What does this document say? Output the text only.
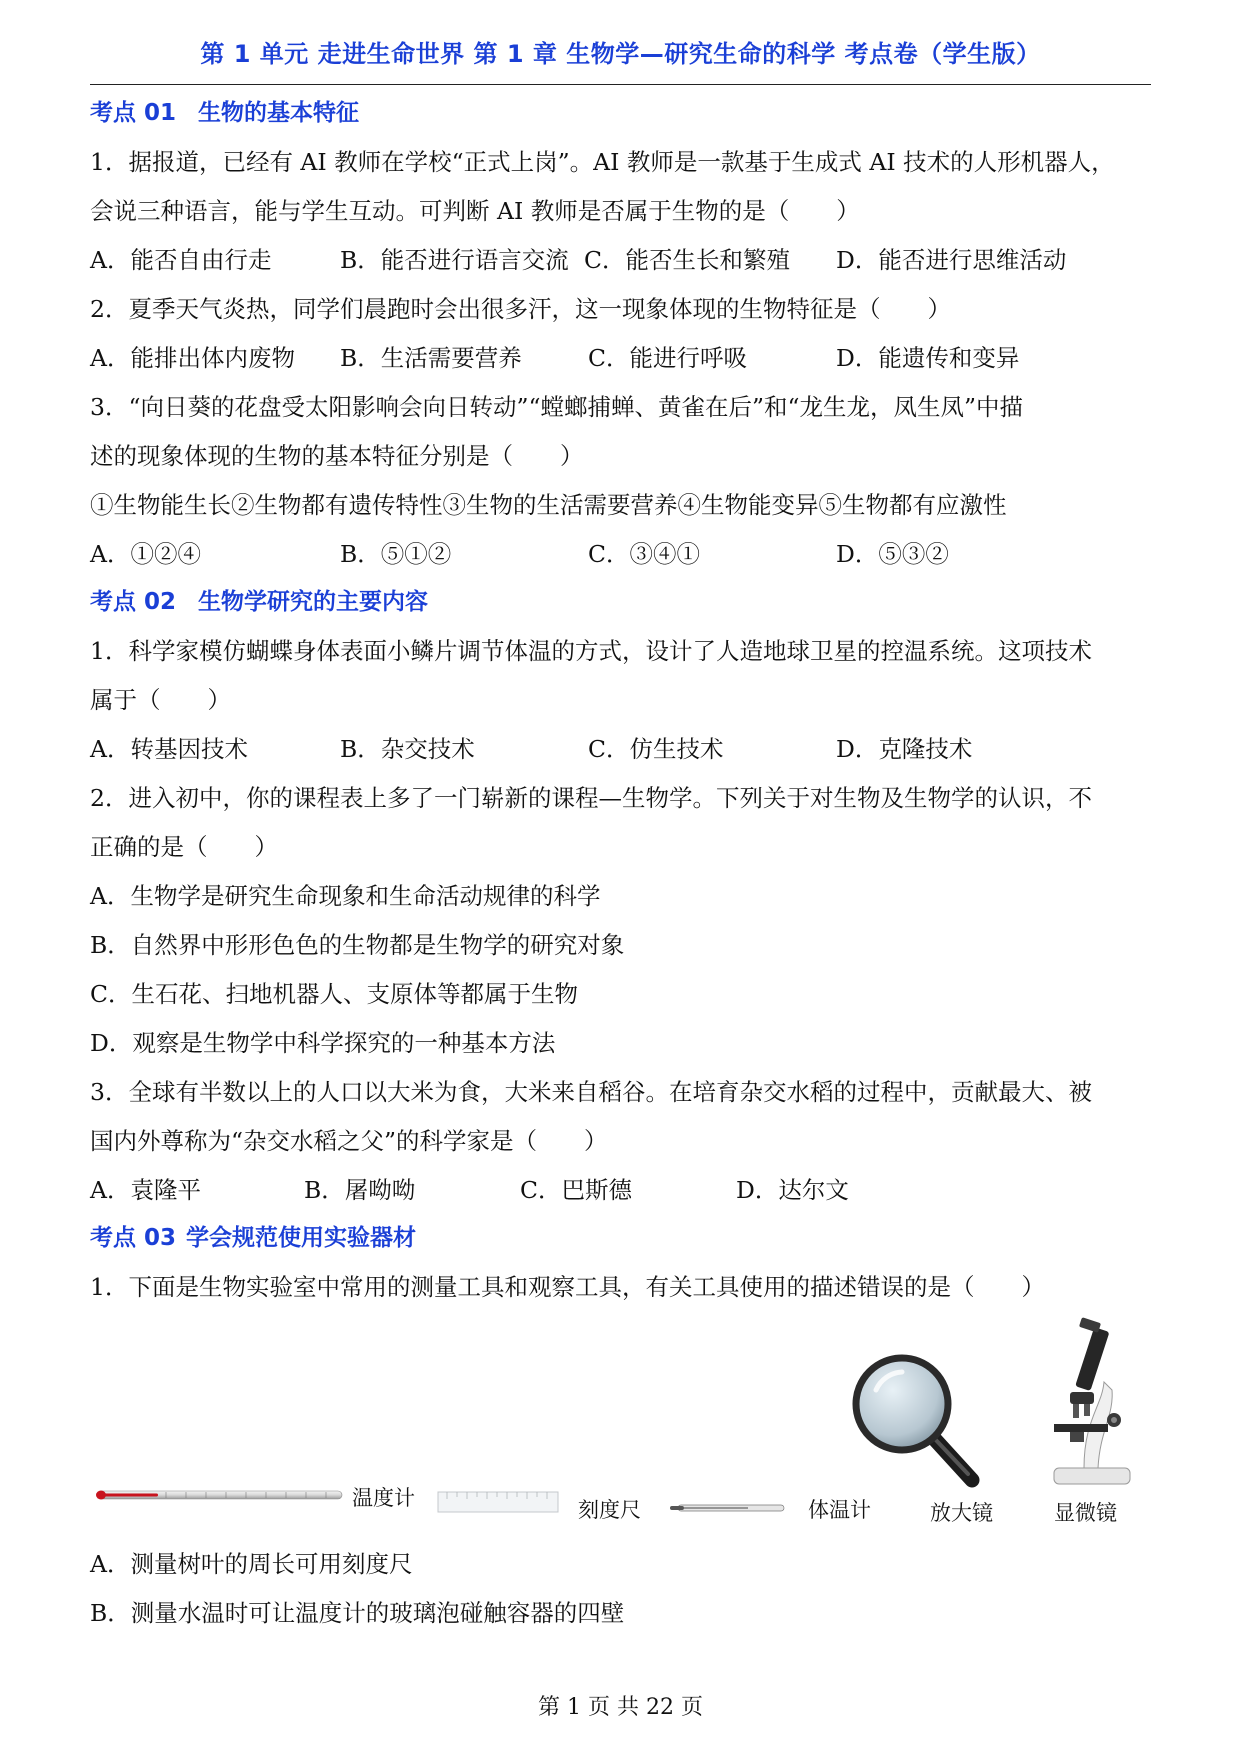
第 1 单元 走进生命世界 第 1 章 生物学—研究生命的科学 考点卷（学生版）
考点 01 生物的基本特征
1．据报道，已经有 AI 教师在学校“正式上岗”。AI 教师是一款基于生成式 AI 技术的人形机器人，
会说三种语言，能与学生互动。可判断 AI 教师是否属于生物的是（　　）
A．能否自由行走	B．能否进行语言交流 C．能否生长和繁殖 D．能否进行思维活动
2．夏季天气炎热，同学们晨跑时会出很多汗，这一现象体现的生物特征是（　　）
A．能排出体内废物 B．生活需要营养	C．能进行呼吸	D．能遗传和变异
3．“向日葵的花盘受太阳影响会向日转动”“螳螂捕蝉、黄雀在后”和“龙生龙，凤生凤”中描
述的现象体现的生物的基本特征分别是（　　）
①生物能生长②生物都有遗传特性③生物的生活需要营养④生物能变异⑤生物都有应激性
A．①②④	B．⑤①②	C．③④①	D．⑤③②
考点 02 生物学研究的主要内容
1．科学家模仿蝴蝶身体表面小鳞片调节体温的方式，设计了人造地球卫星的控温系统。这项技术
属于（　　）
A．转基因技术	B．杂交技术	C．仿生技术	D．克隆技术
2．进入初中，你的课程表上多了一门崭新的课程—生物学。下列关于对生物及生物学的认识，不
正确的是（　　）
A．生物学是研究生命现象和生命活动规律的科学
B．自然界中形形色色的生物都是生物学的研究对象
C．生石花、扫地机器人、支原体等都属于生物
D．观察是生物学中科学探究的一种基本方法
3．全球有半数以上的人口以大米为食，大米来自稻谷。在培育杂交水稻的过程中，贡献最大、被
国内外尊称为“杂交水稻之父”的科学家是（　　）
A．袁隆平	B．屠呦呦	C．巴斯德	D．达尔文
考点 03 学会规范使用实验器材
1．下面是生物实验室中常用的测量工具和观察工具，有关工具使用的描述错误的是（　　）
温度计	刻度尺	体温计	放大镜	显微镜
A．测量树叶的周长可用刻度尺
B．测量水温时可让温度计的玻璃泡碰触容器的四壁
第 1 页 共 22 页
